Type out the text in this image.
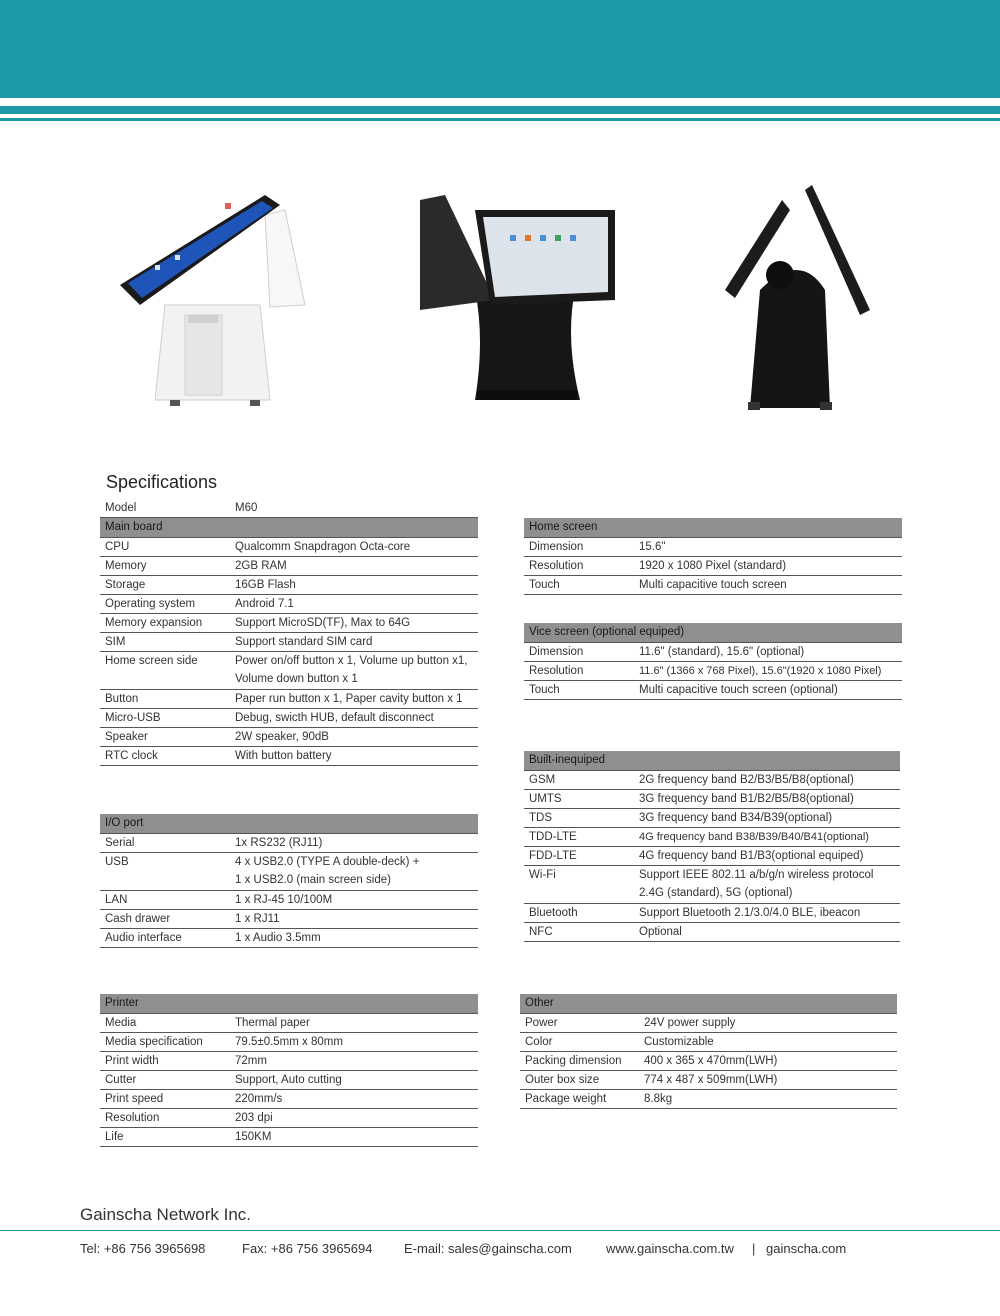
Specifications
Model	M60
Main board
CPU	Qualcomm Snapdragon Octa-core
Memory	2GB RAM
Storage	16GB Flash
Operating system	Android 7.1
Memory expansion	Support MicroSD(TF), Max to 64G
SIM	Support standard SIM card
Home screen side	Power on/off button x 1, Volume up button x1,
Volume down button x 1
Button	Paper run button x 1, Paper cavity button x 1
Micro-USB	Debug, swicth HUB, default disconnect
Speaker	2W speaker, 90dB
RTC clock	With button battery
I/O port
Serial	1x RS232 (RJ11)
USB	4 x USB2.0 (TYPE A double-deck) +
1 x USB2.0 (main screen side)
LAN	1 x RJ-45 10/100M
Cash drawer	1 x RJ11
Audio interface	1 x Audio 3.5mm
Printer
Media	Thermal paper
Media specification	79.5±0.5mm x 80mm
Print width	72mm
Cutter	Support, Auto cutting
Print speed	220mm/s
Resolution	203 dpi
Life	150KM
Home screen
Dimension	15.6"
Resolution	1920 x 1080 Pixel (standard)
Touch	Multi capacitive touch screen
Vice screen (optional equiped)
Dimension	11.6" (standard), 15.6" (optional)
Resolution	11.6" (1366 x 768 Pixel), 15.6"(1920 x 1080 Pixel)
Touch	Multi capacitive touch screen (optional)
Built-inequiped
GSM	2G frequency band B2/B3/B5/B8(optional)
UMTS	3G frequency band B1/B2/B5/B8(optional)
TDS	3G frequency band B34/B39(optional)
TDD-LTE	4G frequency band B38/B39/B40/B41(optional)
FDD-LTE	4G frequency band B1/B3(optional equiped)
Wi-Fi	Support IEEE 802.11 a/b/g/n wireless protocol
2.4G (standard), 5G (optional)
Bluetooth	Support Bluetooth 2.1/3.0/4.0 BLE, ibeacon
NFC	Optional
Other
Power	24V power supply
Color	Customizable
Packing dimension	400 x 365 x 470mm(LWH)
Outer box size	774 x 487 x 509mm(LWH)
Package weight	8.8kg
Gainscha Network Inc.
Tel: +86 756 3965698	Fax: +86 756 3965694 E-mail: sales@gainscha.com	www.gainscha.com.tw | gainscha.com
